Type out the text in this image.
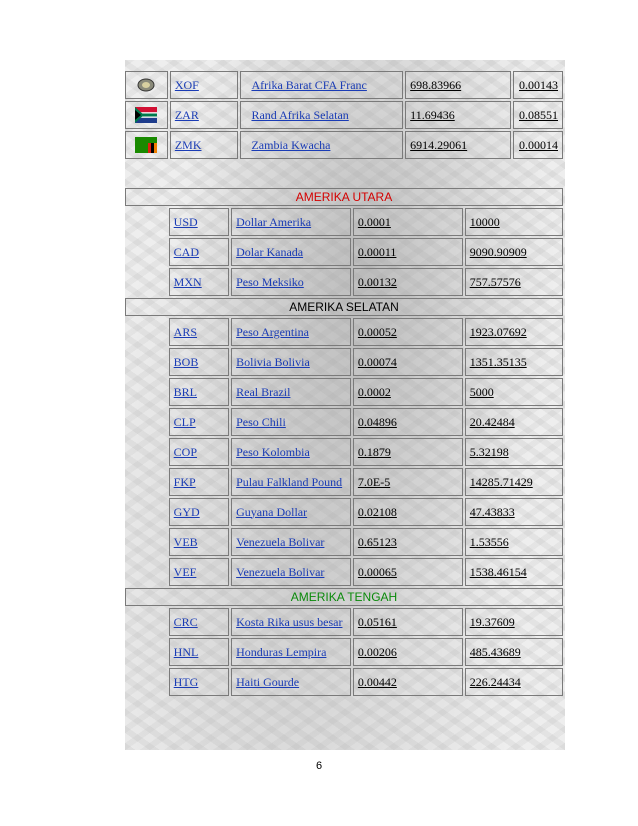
	XOF	Afrika Barat CFA Franc	698.83966	0.00143

	ZAR	Rand Afrika Selatan	11.69436	0.08551

	ZMK	Zambia Kwacha	6914.29061	0.00014
AMERIKA UTARA				
	USD	Dollar Amerika	0.0001	10000
	CAD	Dolar Kanada	0.00011	9090.90909
	MXN	Peso Meksiko	0.00132	757.57576
AMERIKA SELATAN				
	ARS	Peso Argentina	0.00052	1923.07692
	BOB	Bolivia Bolivia	0.00074	1351.35135
	BRL	Real Brazil	0.0002	5000
	CLP	Peso Chili	0.04896	20.42484
	COP	Peso Kolombia	0.1879	5.32198
	FKP	Pulau Falkland Pound	7.0E-5	14285.71429
	GYD	Guyana Dollar	0.02108	47.43833
	VEB	Venezuela Bolivar	0.65123	1.53556
	VEF	Venezuela Bolivar	0.00065	1538.46154
AMERIKA TENGAH				
	CRC	Kosta Rika usus besar	0.05161	19.37609
	HNL	Honduras Lempira	0.00206	485.43689
	HTG	Haiti Gourde	0.00442	226.24434
6
